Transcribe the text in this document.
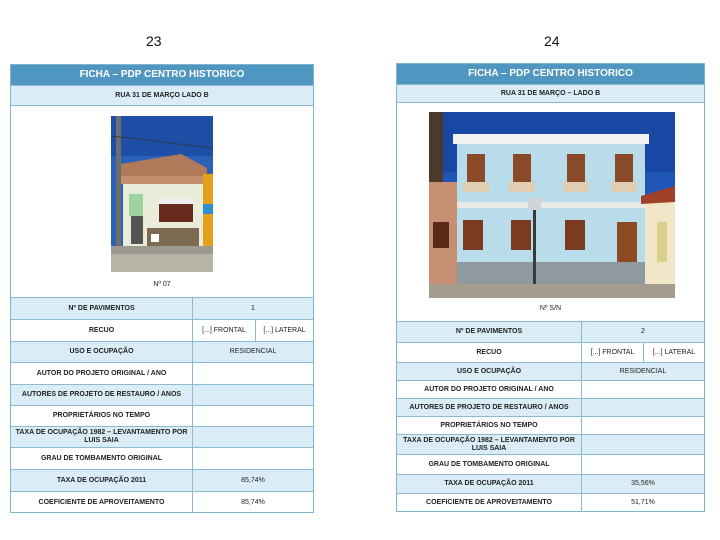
23
FICHA – PDP CENTRO HISTORICO
RUA 31 DE MARÇO LADO B
Nº 07
Nº DE PAVIMENTOS	1
RECUO	[...] FRONTAL	[...] LATERAL
USO E OCUPAÇÃO	RESIDENCIAL
AUTOR DO PROJETO ORIGINAL / ANO
AUTORES DE PROJETO DE RESTAURO / ANOS
PROPRIETÁRIOS NO TEMPO
TAXA DE OCUPAÇÃO 1982 – LEVANTAMENTO POR LUIS SAIA
GRAU DE TOMBAMENTO ORIGINAL
TAXA DE OCUPAÇÃO 2011	85,74%
COEFICIENTE DE APROVEITAMENTO	85,74%
24
FICHA – PDP CENTRO HISTORICO
RUA 31 DE MARÇO – LADO B
Nº S/N
Nº DE PAVIMENTOS	2
RECUO	[...] FRONTAL	[...] LATERAL
USO E OCUPAÇÃO	RESIDENCIAL
AUTOR DO PROJETO ORIGINAL / ANO
AUTORES DE PROJETO DE RESTAURO / ANOS
PROPRIETÁRIOS NO TEMPO
TAXA DE OCUPAÇÃO 1982 – LEVANTAMENTO POR LUIS SAIA
GRAU DE TOMBAMENTO ORIGINAL
TAXA DE OCUPAÇÃO 2011	35,56%
COEFICIENTE DE APROVEITAMENTO	51,71%
